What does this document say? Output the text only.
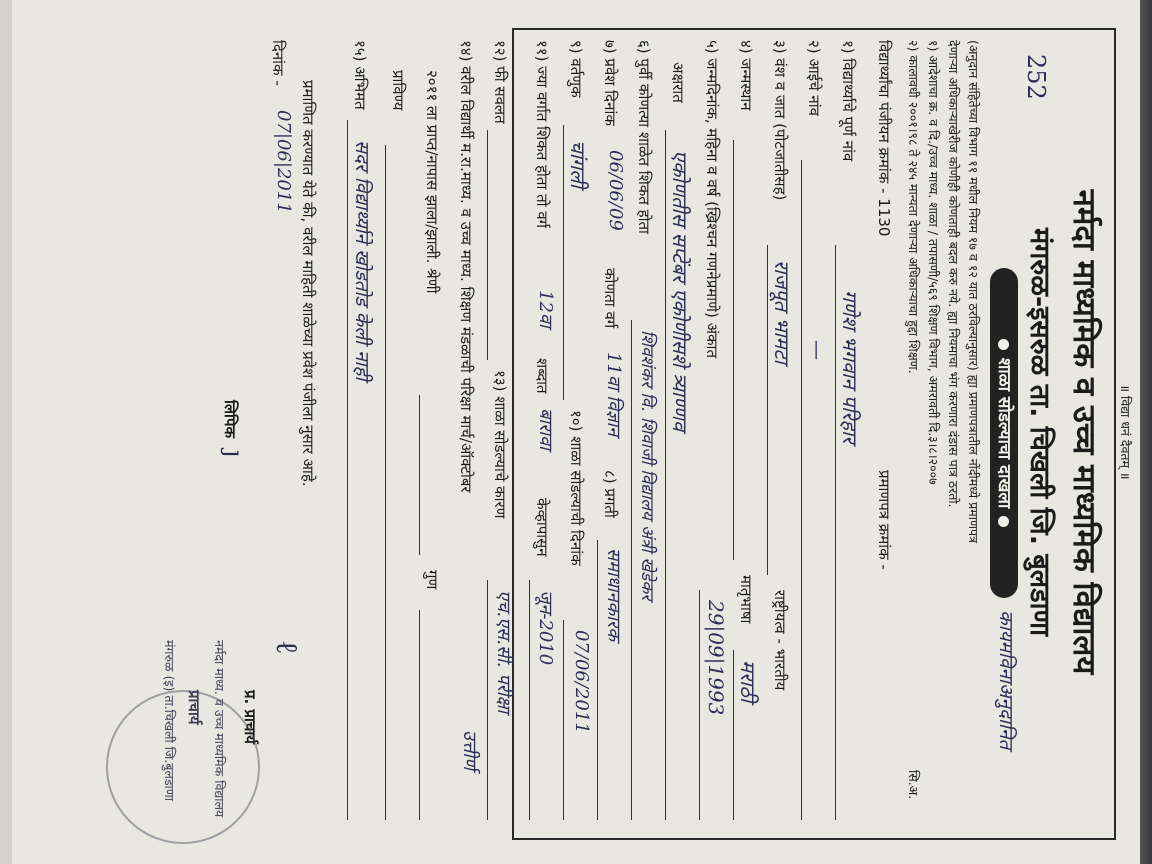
॥ विद्या धनं दैवतम् ॥
नर्मदा माध्यमिक व उच्च माध्यमिक विद्यालय
मंगरुळ-इसरुळ ता. चिखली जि. बुलडाणा
252
शाळा सोडल्याचा दाखला
कायमविनाअनुदानित
(अनुदान संहितेच्या विभाग ११ मधील नियम १७ व १२ यात ठरविल्यानुसार) ह्या प्रमाणपत्रातील नोंदीमध्ये प्रमाणपत्र
देणाऱ्या अधिकाऱ्याखेरीज कोणीही कोणताही बदल करु नये. ह्या नियमाचा भंग करणारा दंडास पात्र ठरतो.
१) आदेशाचा क्र. व दि./उच्च माध्य. शाळा / तपासणी/५६९ शिक्षण विभाग, अमरावती दि.३।८।२००७
२) कालावधी २००१।९८ ते २४५ मान्यता देणाऱ्या अधिकाऱ्याचा हुद्दा शिक्षण.
सि.अ.
विद्यार्थ्यांचा पंजीयन क्रमांक - 1130
प्रमाणपत्र क्रमांक -
१) विद्यार्थ्याचे पूर्ण नांव
गणेश भगवान परिहार
२) आईचे नांव
—
३) वंश व जात (पोटजातीसह)
राजपूत भामटा
राष्ट्रीयत्व - भारतीय
४) जन्मस्थान
मातृभाषा
मराठी
५) जन्मदिनांक, महिना व वर्ष (ख्रिश्चन गणनेप्रमाणे) अंकात
29|09|1993
अक्षरात
एकोणतीस सप्टेंबर एकोणीसशे त्र्याण्णव
६) पुर्वी कोणत्या शाळेत शिकत होता
शिवशंकर वि. शिवाजी विद्यालय अंत्री खेडेकर
७) प्रवेश दिनांक
06/06/09
कोणता वर्ग
11वा विज्ञान
८) प्रगती
समाधानकारक
९) वर्तणुक
चांगली
१०) शाळा सोडल्याची दिनांक
07/06/2011
११) ज्या वर्गात शिकत होता तो वर्ग
12वा
शब्दात
बारावा
केव्हापासुन
जून-2010
१२) फी सवलत
१३) शाळा सोडल्याचे कारण
एच.एस.सी. परीक्षा
१४) वरील विद्यार्थी म.रा.माध्य. व उच्च माध्य. शिक्षण मंडळाची परिक्षा मार्च/ऑक्टोबर
उत्तीर्ण
२०११ ला प्राप्त/नापास झाला/झाली. श्रेणी
गुण
प्राविण्य
१५) अभिमत
सदर विद्यार्थ्याने खोडतोड केली नाही
प्रमाणित करण्यात येते की, वरील माहिती शाळेच्या प्रवेश पंजीला नुसार आहे.
दिनांक -
07|06|2011
लिपिक
ȷ
ℓ
प्र. प्राचार्य
नर्मदा माध्य. व उच्च माध्यमिक विद्यालय
प्राचार्य
मंगरुळ (इ) ता.चिखली जि.बुलडाणा
